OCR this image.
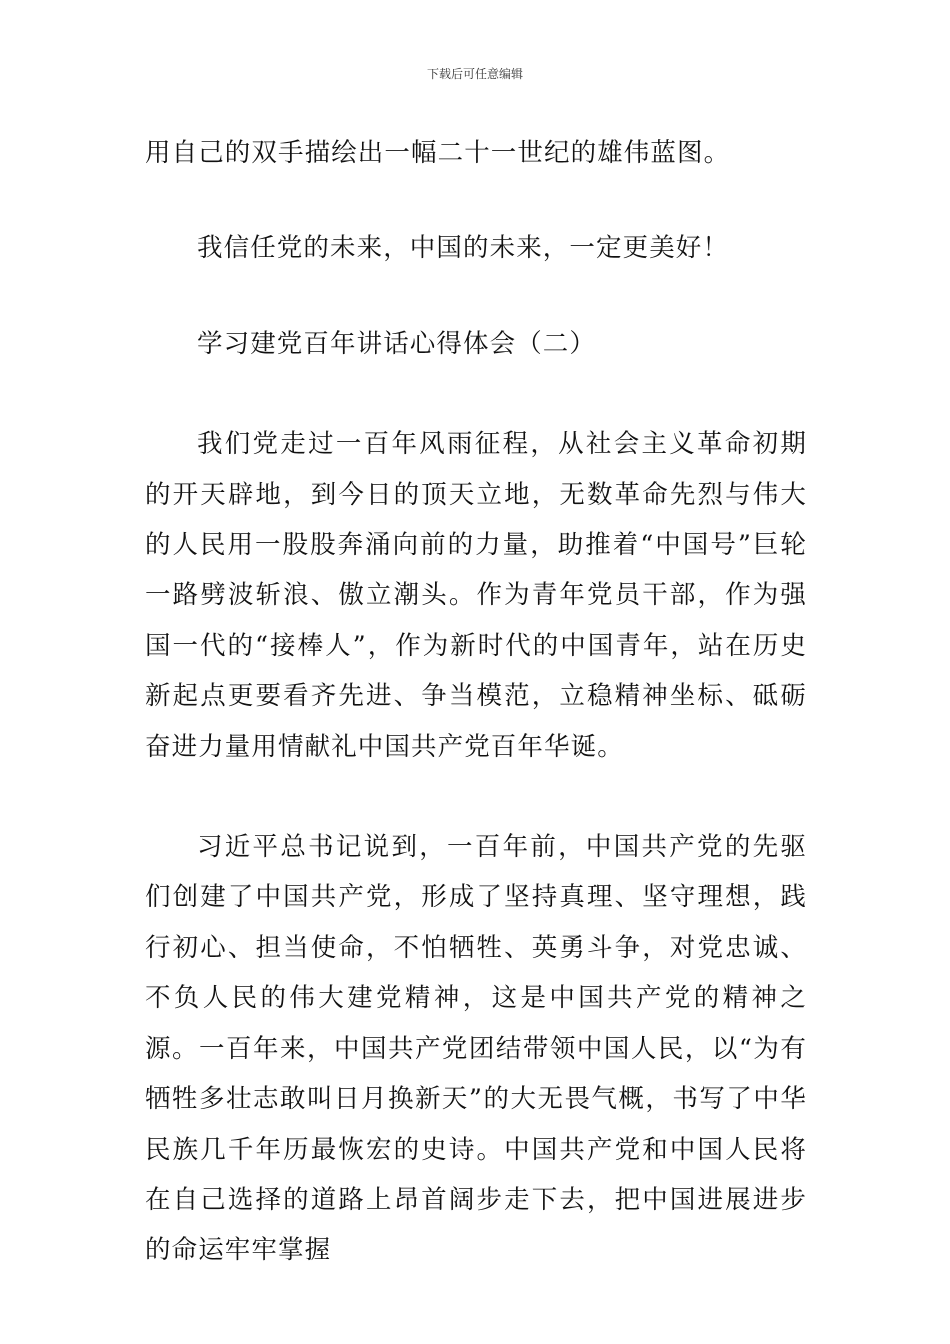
下载后可任意编辑

用自己的双手描绘出一幅二十一世纪的雄伟蓝图。

我信任党的未来，中国的未来，一定更美好！

学习建党百年讲话心得体会（二）

我们党走过一百年风雨征程，从社会主义革命初期的开天辟地，到今日的顶天立地，无数革命先烈与伟大的人民用一股股奔涌向前的力量，助推着“中国号”巨轮一路劈波斩浪、傲立潮头。作为青年党员干部，作为强国一代的“接棒人”，作为新时代的中国青年，站在历史新起点更要看齐先进、争当模范，立稳精神坐标、砥砺奋进力量用情献礼中国共产党百年华诞。

习近平总书记说到，一百年前，中国共产党的先驱们创建了中国共产党，形成了坚持真理、坚守理想，践行初心、担当使命，不怕牺牲、英勇斗争，对党忠诚、不负人民的伟大建党精神，这是中国共产党的精神之源。一百年来，中国共产党团结带领中国人民，以“为有牺牲多壮志敢叫日月换新天”的大无畏气概，书写了中华民族几千年历最恢宏的史诗。中国共产党和中国人民将在自己选择的道路上昂首阔步走下去，把中国进展进步的命运牢牢掌握
